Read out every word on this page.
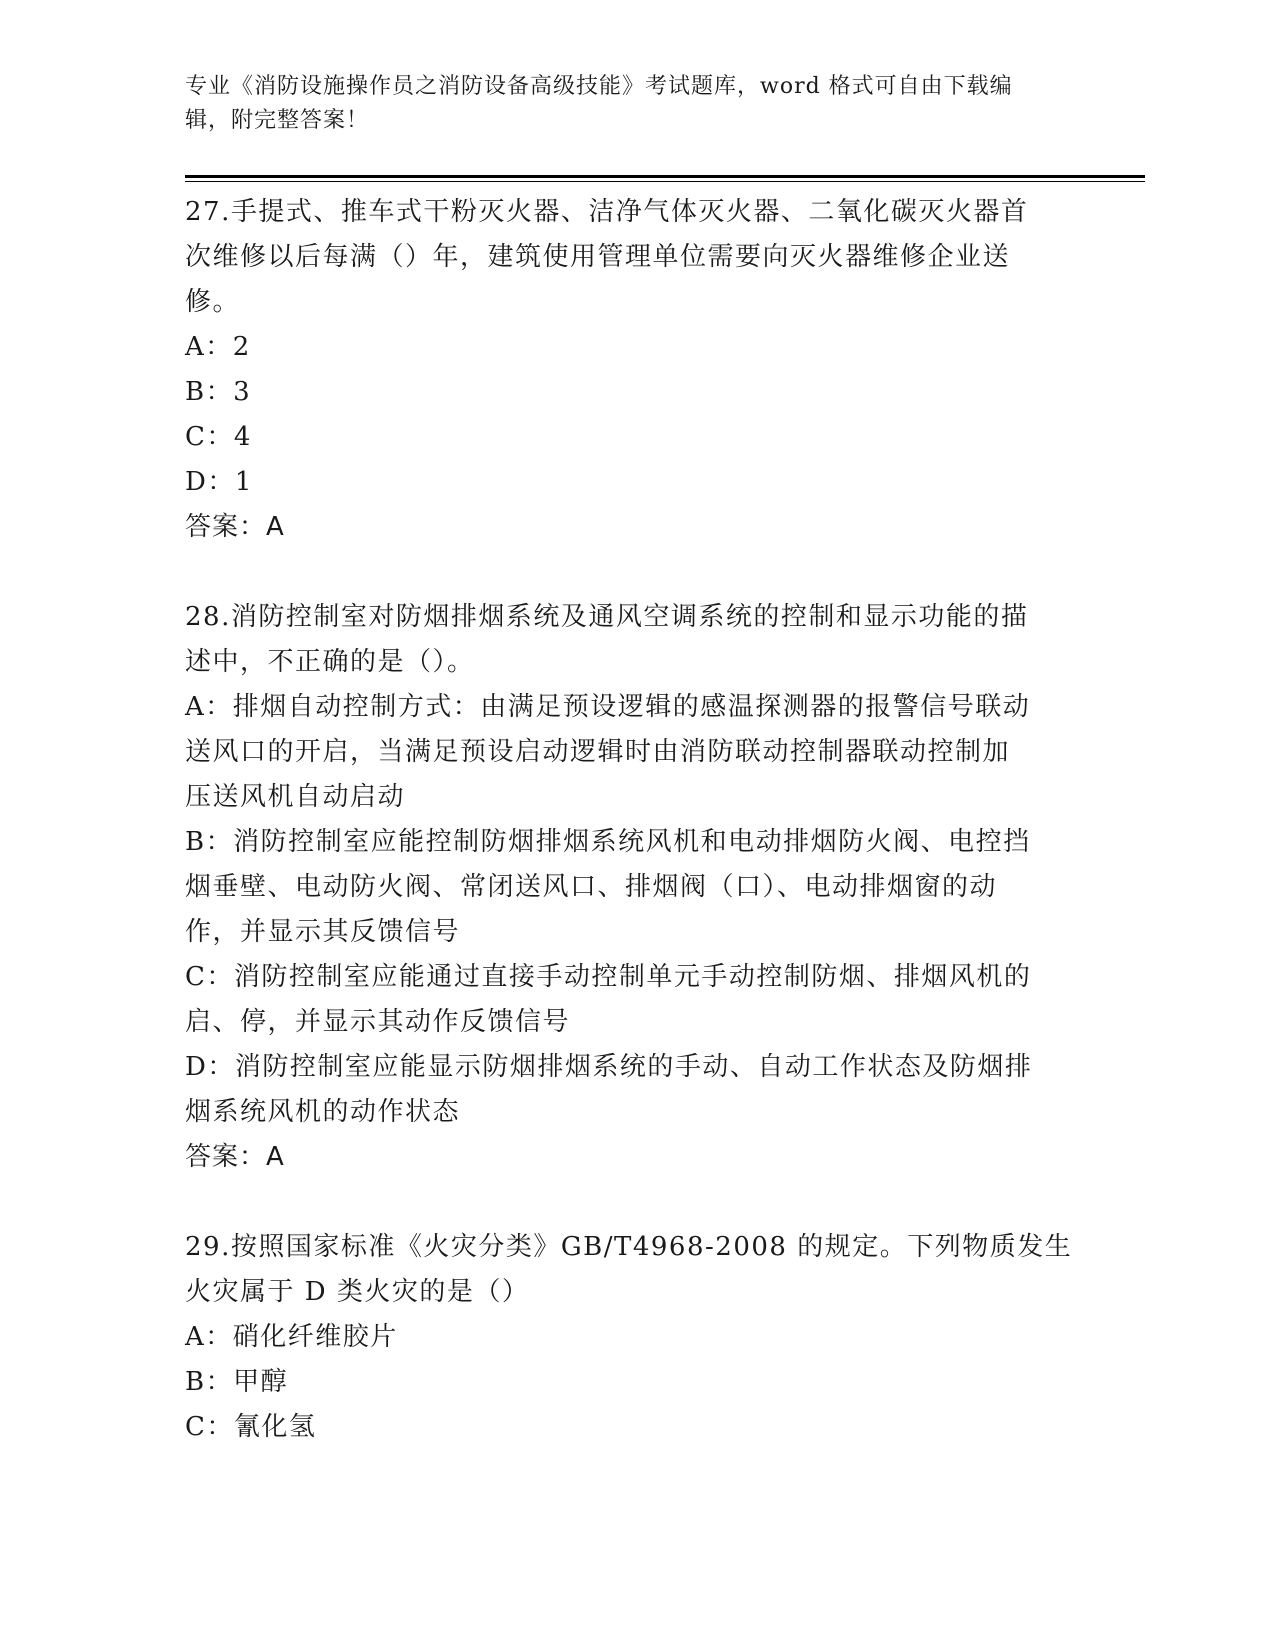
专业《消防设施操作员之消防设备高级技能》考试题库，word 格式可自由下载编
辑，附完整答案！
27.手提式、推车式干粉灭火器、洁净气体灭火器、二氧化碳灭火器首
次维修以后每满（）年，建筑使用管理单位需要向灭火器维修企业送
修。
A：2
B：3
C：4
D：1
答案：A
28.消防控制室对防烟排烟系统及通风空调系统的控制和显示功能的描
述中，不正确的是（）。
A：排烟自动控制方式：由满足预设逻辑的感温探测器的报警信号联动
送风口的开启，当满足预设启动逻辑时由消防联动控制器联动控制加
压送风机自动启动
B：消防控制室应能控制防烟排烟系统风机和电动排烟防火阀、电控挡
烟垂壁、电动防火阀、常闭送风口、排烟阀（口）、电动排烟窗的动
作，并显示其反馈信号
C：消防控制室应能通过直接手动控制单元手动控制防烟、排烟风机的
启、停，并显示其动作反馈信号
D：消防控制室应能显示防烟排烟系统的手动、自动工作状态及防烟排
烟系统风机的动作状态
答案：A
29.按照国家标准《火灾分类》GB/T4968-2008 的规定。下列物质发生
火灾属于 D 类火灾的是（）
A：硝化纤维胶片
B：甲醇
C：氰化氢
